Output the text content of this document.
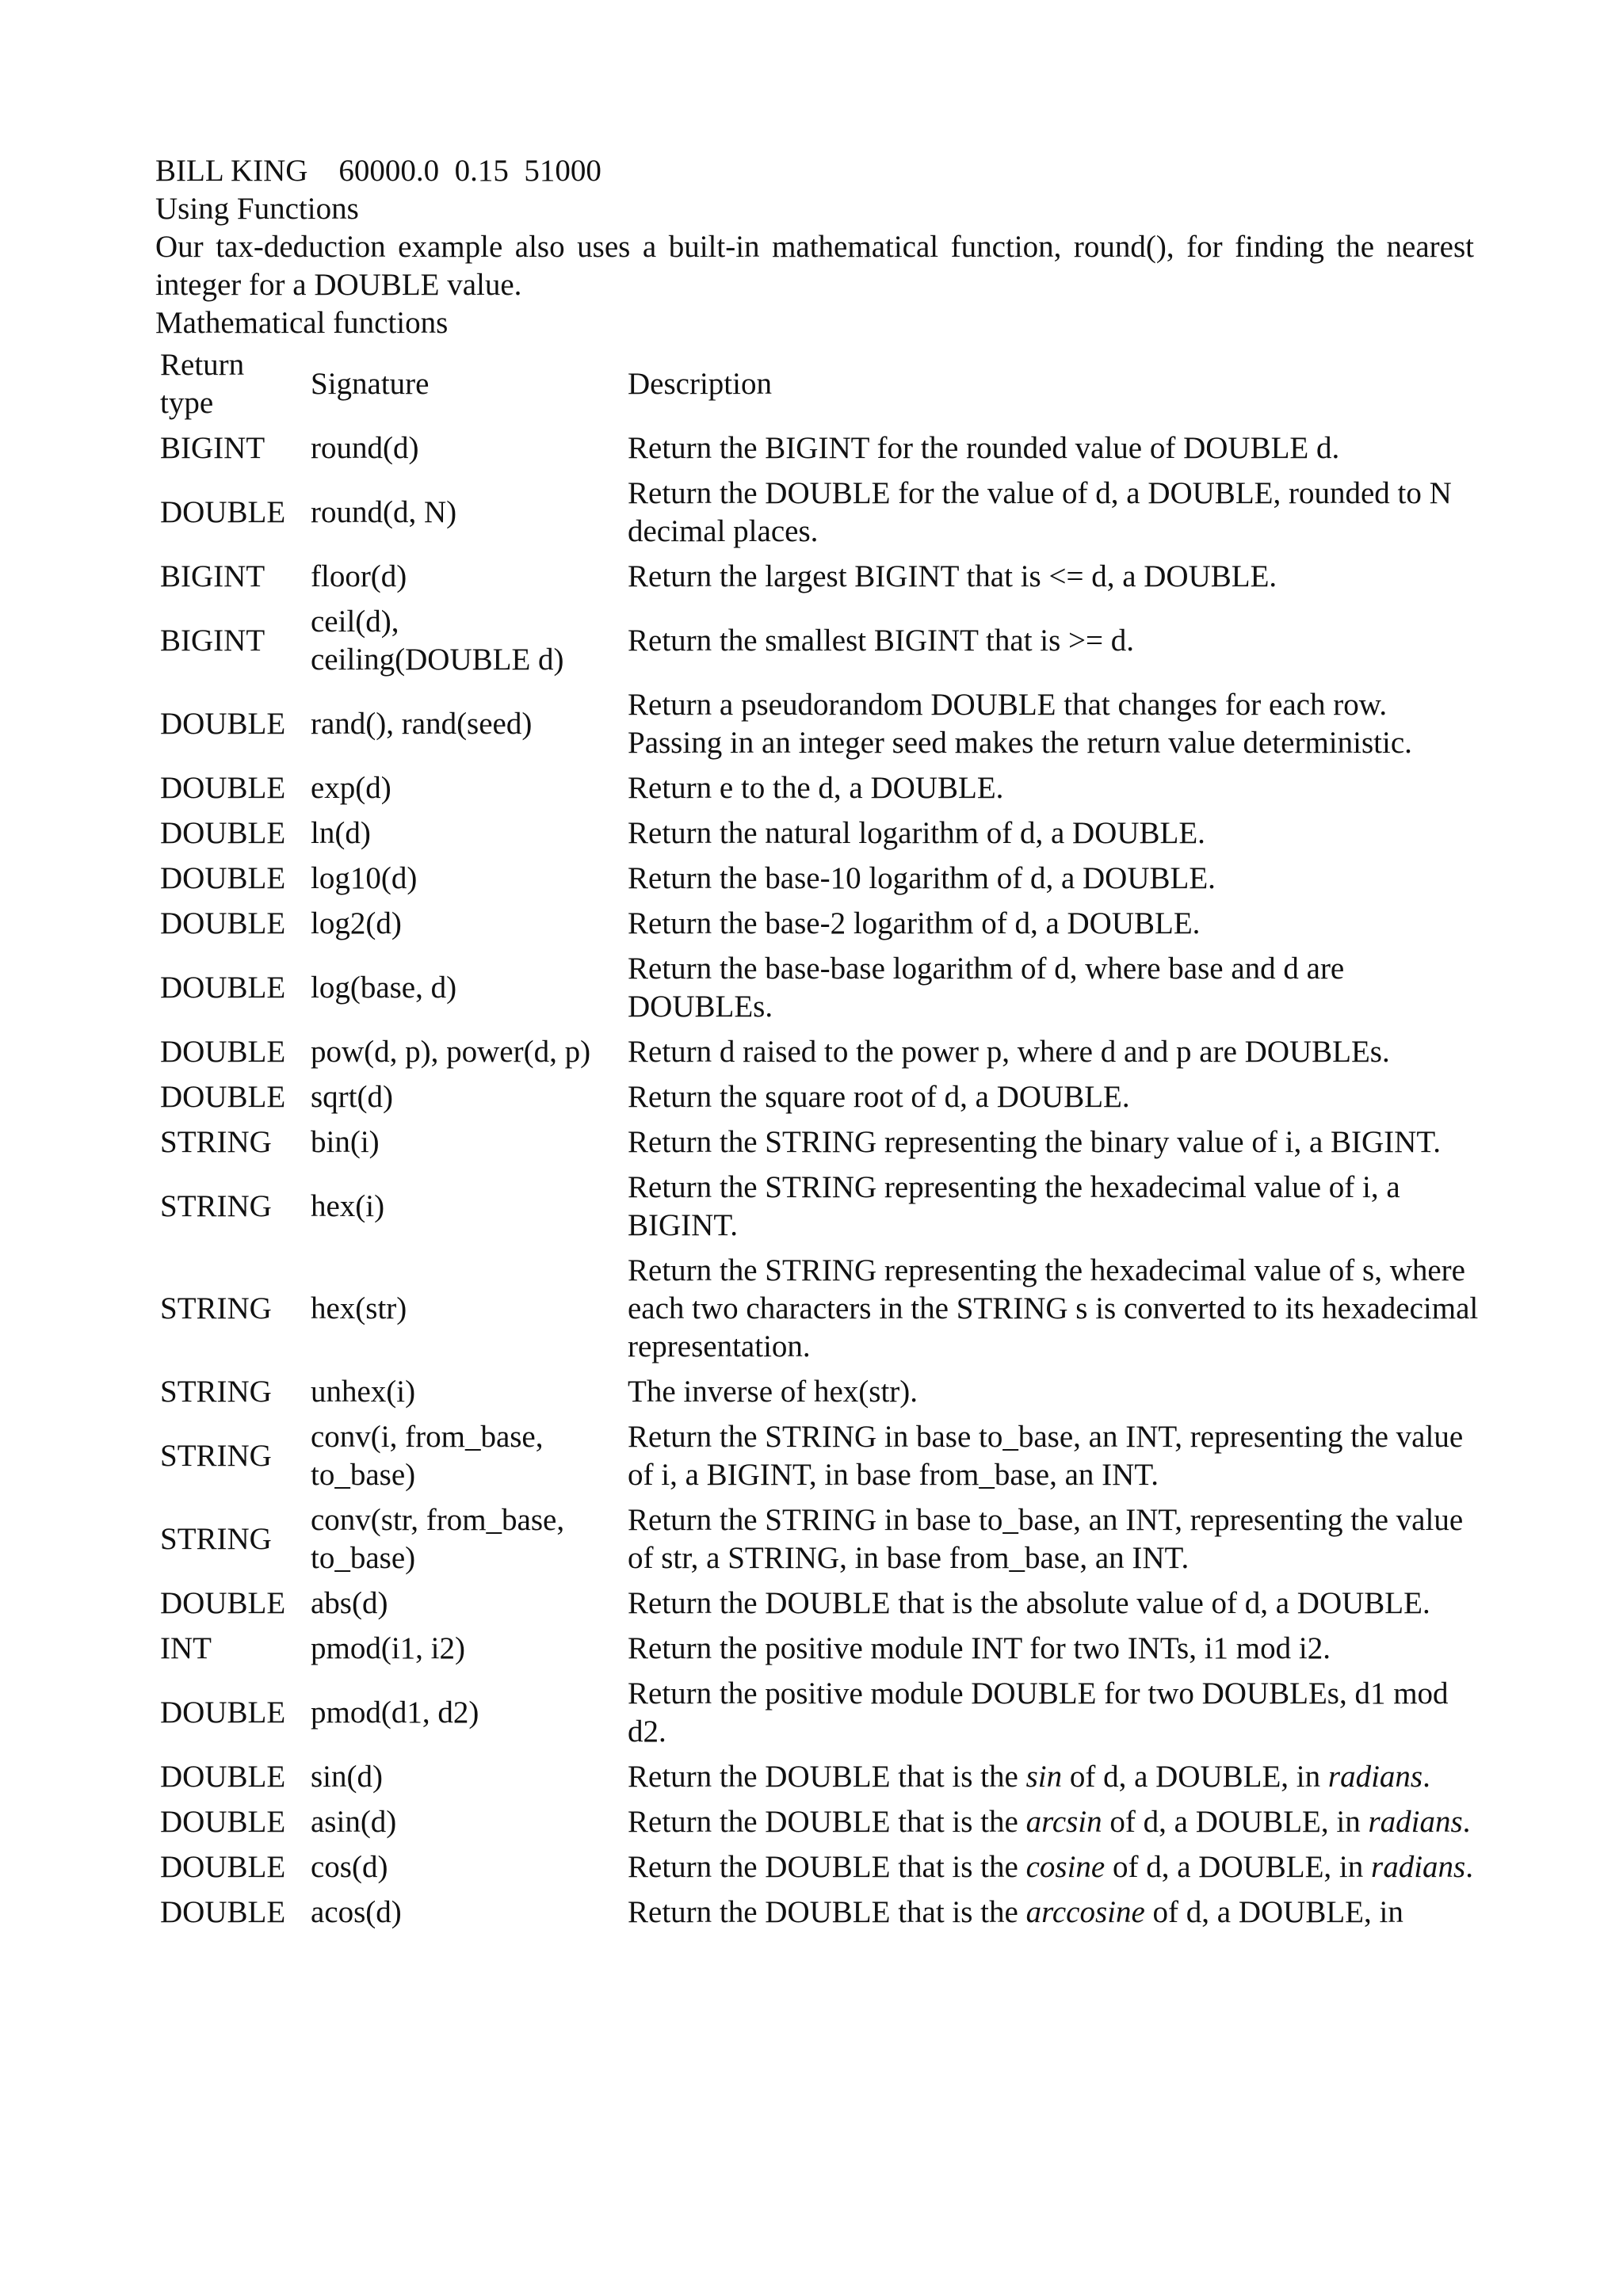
BILL KING    60000.0  0.15  51000

Using Functions

Our tax-deduction example also uses a built-in mathematical function, round(), for finding the nearest integer for a DOUBLE value.

Mathematical functions

Return type	Signature	Description
BIGINT	round(d)	Return the BIGINT for the rounded value of DOUBLE d.
DOUBLE	round(d, N)	Return the DOUBLE for the value of d, a DOUBLE, rounded to N decimal places.
BIGINT	floor(d)	Return the largest BIGINT that is <= d, a DOUBLE.
BIGINT	ceil(d), ceiling(DOUBLE d)	Return the smallest BIGINT that is >= d.
DOUBLE	rand(), rand(seed)	Return a pseudorandom DOUBLE that changes for each row. Passing in an integer seed makes the return value deterministic.
DOUBLE	exp(d)	Return e to the d, a DOUBLE.
DOUBLE	ln(d)	Return the natural logarithm of d, a DOUBLE.
DOUBLE	log10(d)	Return the base-10 logarithm of d, a DOUBLE.
DOUBLE	log2(d)	Return the base-2 logarithm of d, a DOUBLE.
DOUBLE	log(base, d)	Return the base-base logarithm of d, where base and d are DOUBLEs.
DOUBLE	pow(d, p), power(d, p)	Return d raised to the power p, where d and p are DOUBLEs.
DOUBLE	sqrt(d)	Return the square root of d, a DOUBLE.
STRING	bin(i)	Return the STRING representing the binary value of i, a BIGINT.
STRING	hex(i)	Return the STRING representing the hexadecimal value of i, a BIGINT.
STRING	hex(str)	Return the STRING representing the hexadecimal value of s, where each two characters in the STRING s is converted to its hexadecimal representation.
STRING	unhex(i)	The inverse of hex(str).
STRING	conv(i, from_base, to_base)	Return the STRING in base to_base, an INT, representing the value of i, a BIGINT, in base from_base, an INT.
STRING	conv(str, from_base, to_base)	Return the STRING in base to_base, an INT, representing the value of str, a STRING, in base from_base, an INT.
DOUBLE	abs(d)	Return the DOUBLE that is the absolute value of d, a DOUBLE.
INT	pmod(i1, i2)	Return the positive module INT for two INTs, i1 mod i2.
DOUBLE	pmod(d1, d2)	Return the positive module DOUBLE for two DOUBLEs, d1 mod d2.
DOUBLE	sin(d)	Return the DOUBLE that is the sin of d, a DOUBLE, in radians.
DOUBLE	asin(d)	Return the DOUBLE that is the arcsin of d, a DOUBLE, in radians.
DOUBLE	cos(d)	Return the DOUBLE that is the cosine of d, a DOUBLE, in radians.
DOUBLE	acos(d)	Return the DOUBLE that is the arccosine of d, a DOUBLE, in
